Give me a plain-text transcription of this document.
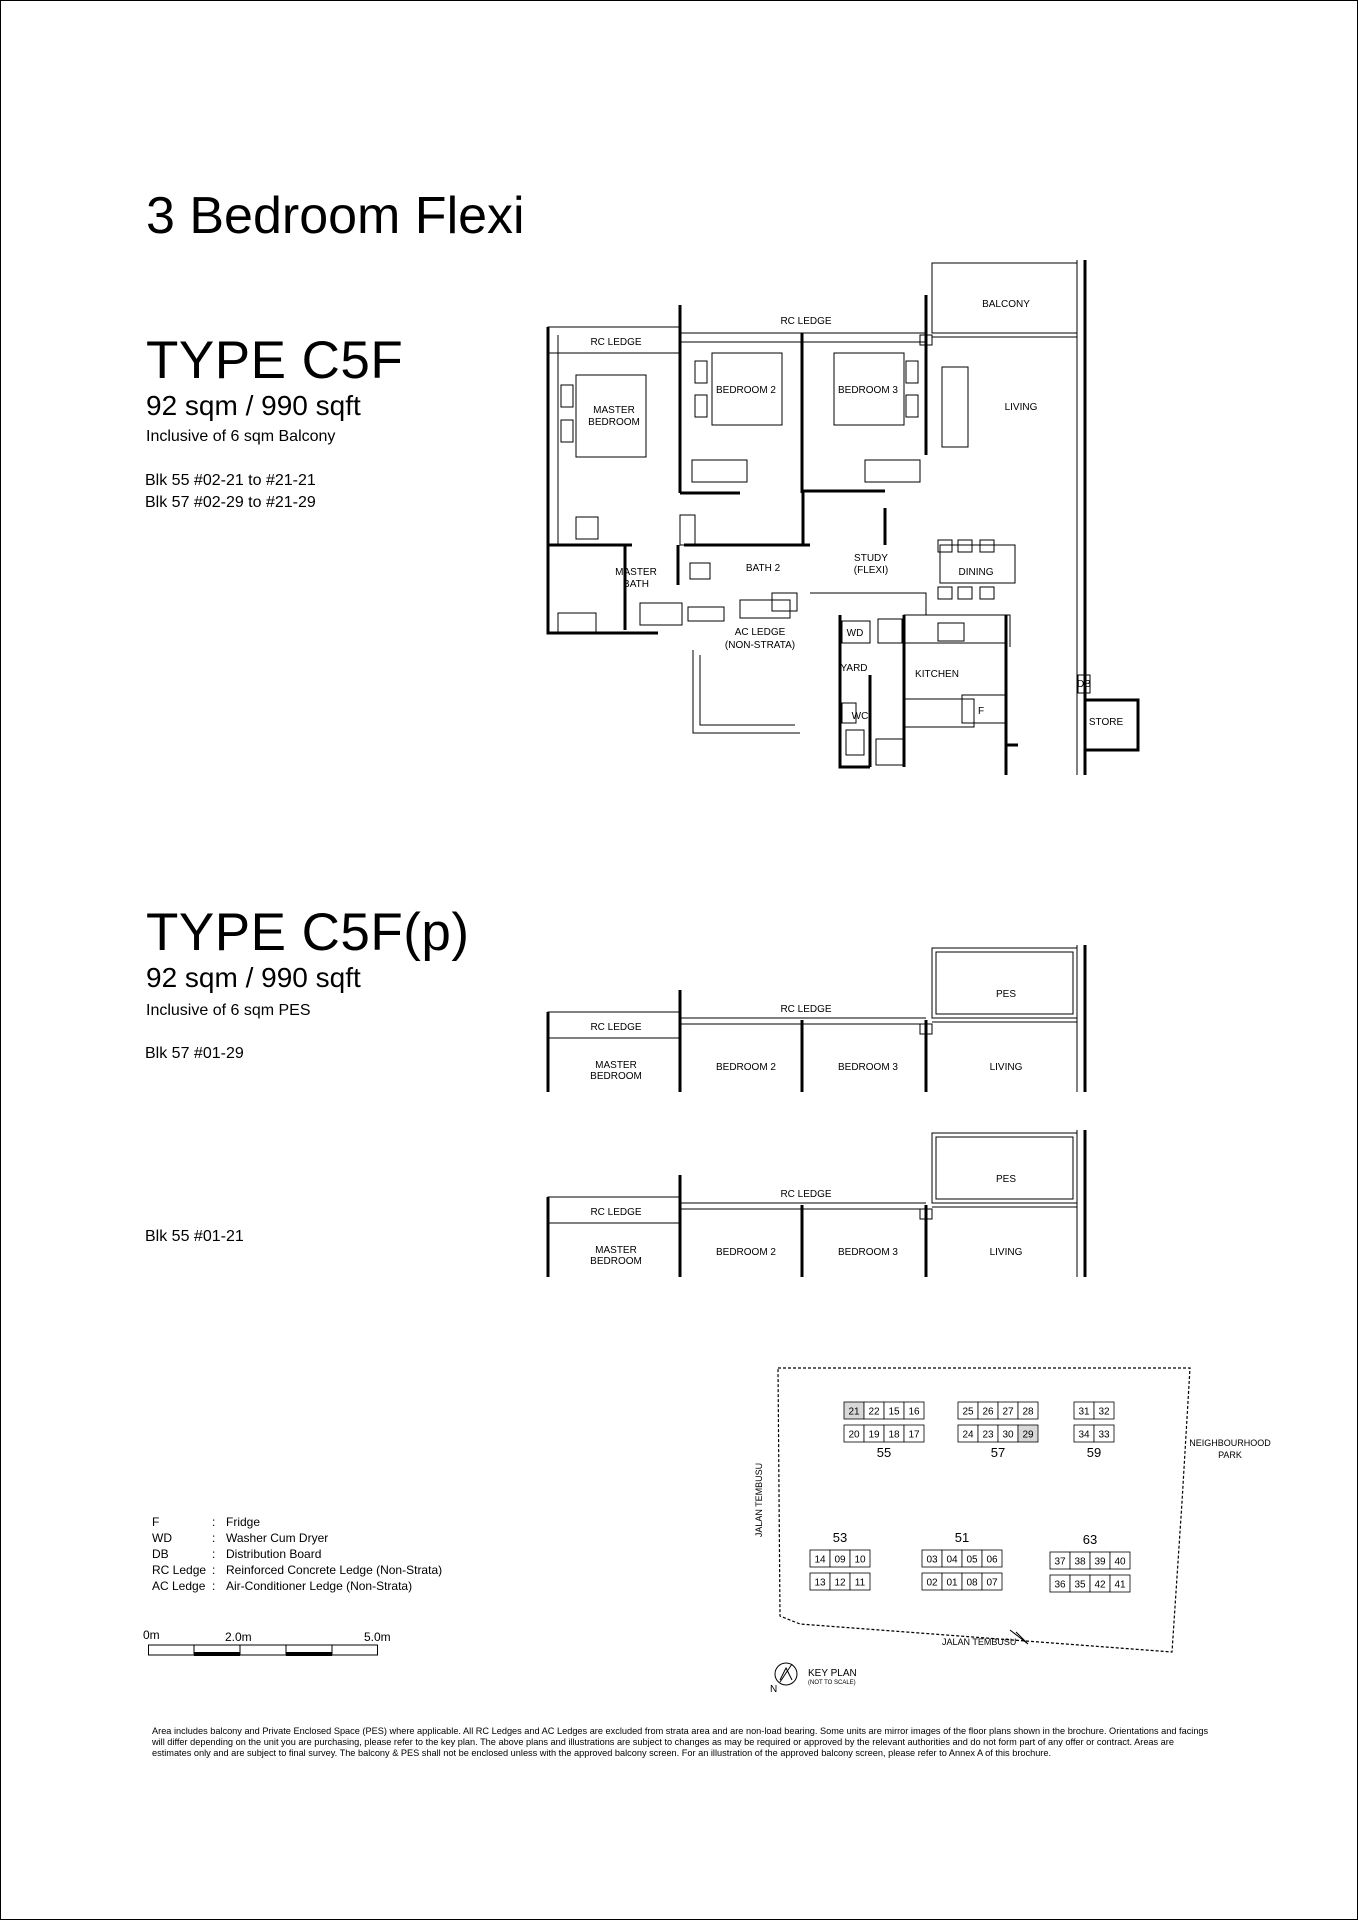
3 Bedroom Flexi
TYPE C5F
92 sqm / 990 sqft
Inclusive of 6 sqm Balcony
Blk 55 #02-21 to #21-21
Blk 57 #02-29 to #21-29
TYPE C5F(p)
92 sqm / 990 sqft
Inclusive of 6 sqm PES
Blk 57 #01-29
Blk 55 #01-21
RC LEDGE
RC LEDGE
BALCONY
LIVING
MASTER
BEDROOM
BEDROOM 2	BEDROOM 3
MASTER
BATH
BATH 2
STUDY
(FLEXI)	DINING
AC LEDGE
(NON-STRATA)
WD
YARD
KITCHEN
WC	F
DB
STORE
RC LEDGE
RC LEDGE
PES
MASTER
BEDROOM
BEDROOM 2	BEDROOM 3	LIVING
RC LEDGE
RC LEDGE
PES
MASTER
BEDROOM
BEDROOM 2	BEDROOM 3	LIVING
F	: Fridge
WD	: Washer Cum Dryer
DB	: Distribution Board
RC Ledge : Reinforced Concrete Ledge (Non-Strata)
AC Ledge : Air-Conditioner Ledge (Non-Strata)
0m	2.0m	5.0m
JALAN TEMBUSU
JALAN TEMBUSU
NEIGHBOURHOOD
PARK
21 22 15 16
20 19 18 17
55
25 26 27 28
24 23 30 29
57
31 32
34 33
59
14 09 10
13 12 11
53
03 04 05 06
02 01 08 07
51
37 38 39 40
36 35 42 41
63
N
KEY PLAN
(NOT TO SCALE)
Area includes balcony and Private Enclosed Space (PES) where applicable. All RC Ledges and AC Ledges are excluded from strata area and are non-load bearing. Some units are mirror images of the floor plans shown in the brochure. Orientations and facings will differ depending on the unit you are purchasing, please refer to the key plan. The above plans and illustrations are subject to changes as may be required or approved by the relevant authorities and do not form part of any offer or contract. Areas are estimates only and are subject to final survey. The balcony & PES shall not be enclosed unless with the approved balcony screen. For an illustration of the approved balcony screen, please refer to Annex A of this brochure.
